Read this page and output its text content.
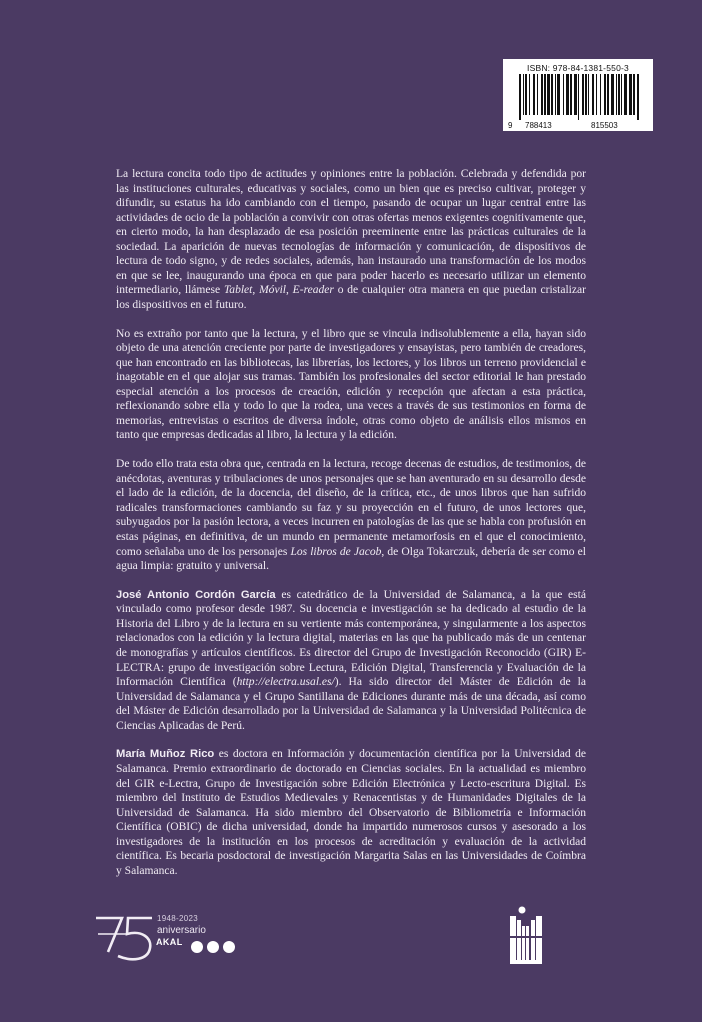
ISBN: 978-84-1381-550-3
9 788413	815503

La lectura concita todo tipo de actitudes y opiniones entre la población. Celebrada y defendida por las instituciones culturales, educativas y sociales, como un bien que es preciso cultivar, proteger y difundir, su estatus ha ido cambiando con el tiempo, pasando de ocupar un lugar central entre las actividades de ocio de la población a convivir con otras ofertas menos exigentes cognitivamente que, en cierto modo, la han desplazado de esa posición preeminente entre las prácticas culturales de la sociedad. La aparición de nuevas tecnologías de información y comunicación, de dispositivos de lectura de todo signo, y de redes sociales, además, han instaurado una transformación de los modos en que se lee, inaugurando una época en que para poder hacerlo es necesario utilizar un elemento intermediario, llámese Tablet, Móvil, E-reader o de cualquier otra manera en que puedan cristalizar los dispositivos en el futuro.

No es extraño por tanto que la lectura, y el libro que se vincula indisolublemente a ella, hayan sido objeto de una atención creciente por parte de investigadores y ensayistas, pero también de creadores, que han encontrado en las bibliotecas, las librerías, los lectores, y los libros un terreno providencial e inagotable en el que alojar sus tramas. También los profesionales del sector editorial le han prestado especial atención a los procesos de creación, edición y recepción que afectan a esta práctica, reflexionando sobre ella y todo lo que la rodea, una veces a través de sus testimonios en forma de memorias, entrevistas o escritos de diversa índole, otras como objeto de análisis ellos mismos en tanto que empresas dedicadas al libro, la lectura y la edición.

De todo ello trata esta obra que, centrada en la lectura, recoge decenas de estudios, de testimonios, de anécdotas, aventuras y tribulaciones de unos personajes que se han aventurado en su desarrollo desde el lado de la edición, de la docencia, del diseño, de la crítica, etc., de unos libros que han sufrido radicales transformaciones cambiando su faz y su proyección en el futuro, de unos lectores que, subyugados por la pasión lectora, a veces incurren en patologías de las que se habla con profusión en estas páginas, en definitiva, de un mundo en permanente metamorfosis en el que el conocimiento, como señalaba uno de los personajes Los libros de Jacob, de Olga Tokarczuk, debería de ser como el agua limpia: gratuito y universal.

José Antonio Cordón García es catedrático de la Universidad de Salamanca, a la que está vinculado como profesor desde 1987. Su docencia e investigación se ha dedicado al estudio de la Historia del Libro y de la lectura en su vertiente más contemporánea, y singularmente a los aspectos relacionados con la edición y la lectura digital, materias en las que ha publicado más de un centenar de monografías y artículos científicos. Es director del Grupo de Investigación Reconocido (GIR) E-LECTRA: grupo de investigación sobre Lectura, Edición Digital, Transferencia y Evaluación de la Información Científica (http://electra.usal.es/). Ha sido director del Máster de Edición de la Universidad de Salamanca y el Grupo Santillana de Ediciones durante más de una década, así como del Máster de Edición desarrollado por la Universidad de Salamanca y la Universidad Politécnica de Ciencias Aplicadas de Perú.

María Muñoz Rico es doctora en Información y documentación científica por la Universidad de Salamanca. Premio extraordinario de doctorado en Ciencias sociales. En la actualidad es miembro del GIR e-Lectra, Grupo de Investigación sobre Edición Electrónica y Lecto-escritura Digital. Es miembro del Instituto de Estudios Medievales y Renacentistas y de Humanidades Digitales de la Universidad de Salamanca. Ha sido miembro del Observatorio de Bibliometría e Información Científica (OBIC) de dicha universidad, donde ha impartido numerosos cursos y asesorado a los investigadores de la institución en los procesos de acreditación y evaluación de la actividad científica. Es becaria posdoctoral de investigación Margarita Salas en las Universidades de Coímbra y Salamanca.

1948-2023
aniversario
AKAL
